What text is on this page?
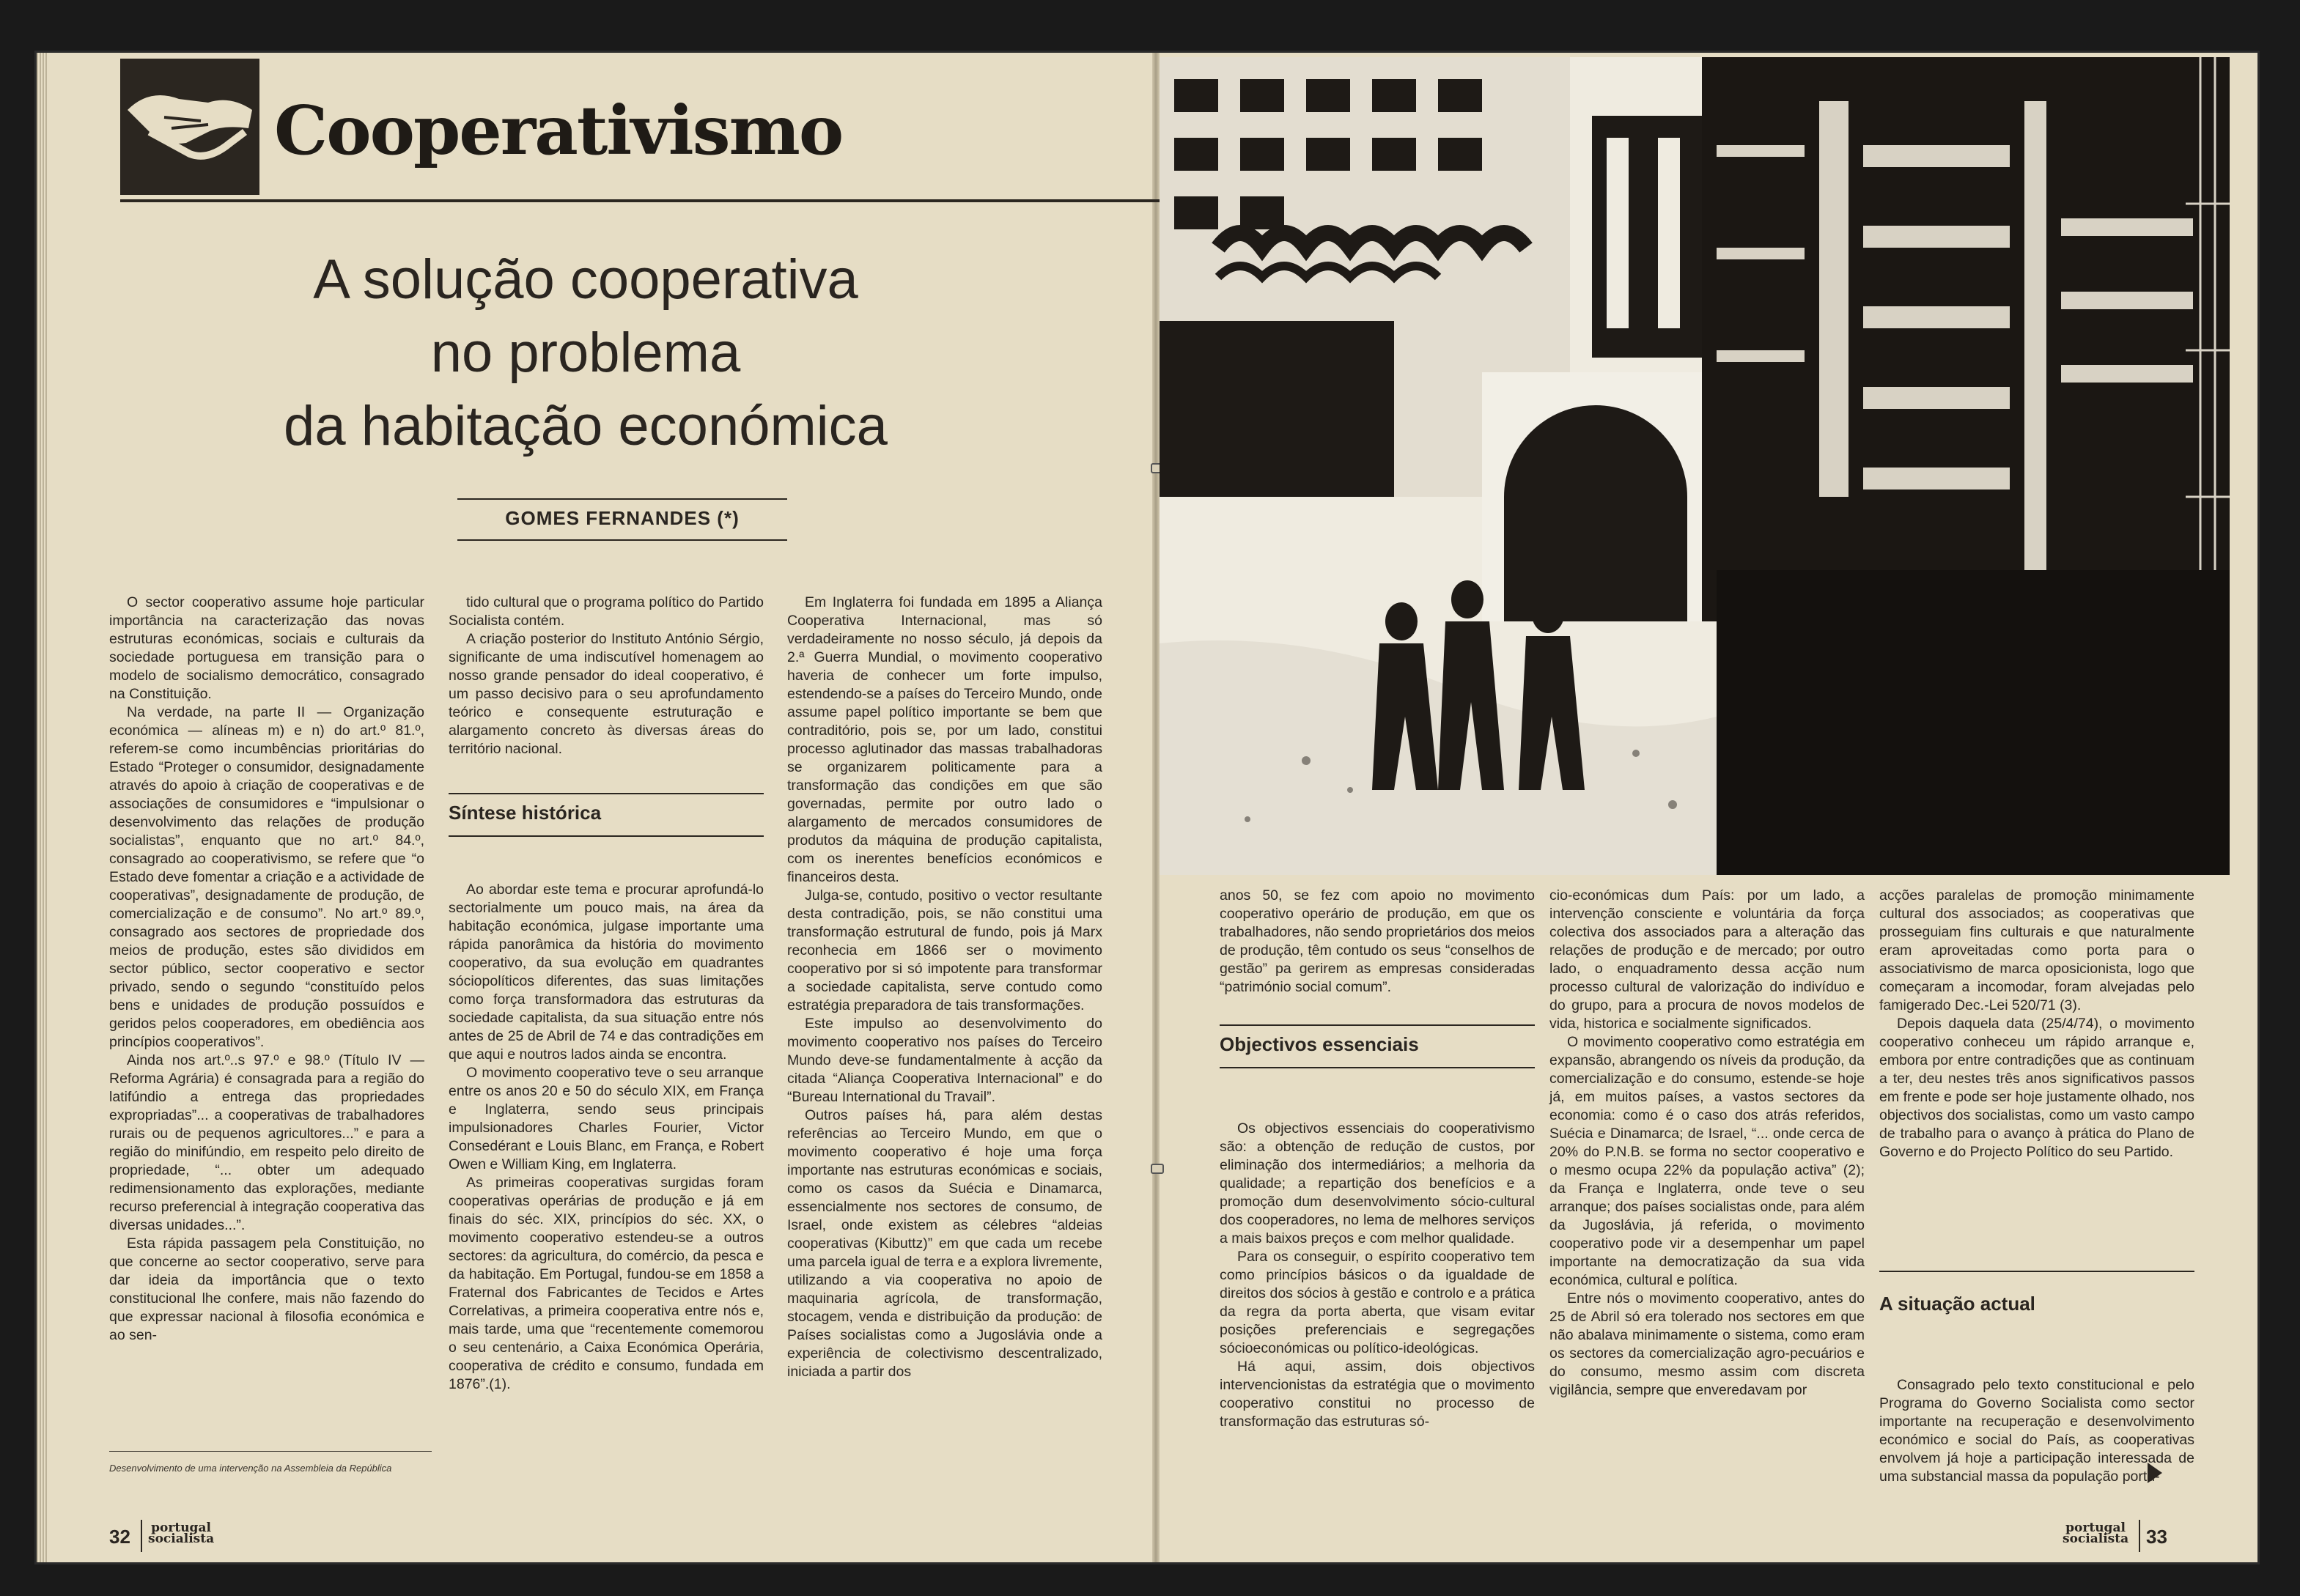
Cooperativismo
A solução cooperativa
no problema
da habitação económica
GOMES FERNANDES (*)

O sector cooperativo assume hoje particular importância na caracterização das novas estruturas económicas, sociais e culturais da sociedade portuguesa em transição para o modelo de socialismo democrático, consagrado na Constituição.

Na verdade, na parte II — Organização económica — alíneas m) e n) do art.º 81.º, referem-se como incumbências prioritárias do Estado “Proteger o consumidor, designadamente através do apoio à criação de cooperativas e de associações de consumidores e “impulsionar o desenvolvimento das relações de produção socialistas”, enquanto que no art.º 84.º, consagrado ao cooperativismo, se refere que “o Estado deve fomentar a criação e a actividade de cooperativas”, designadamente de produção, de comercialização e de consumo”. No art.º 89.º, consagrado aos sectores de propriedade dos meios de produção, estes são divididos em sector público, sector cooperativo e sector privado, sendo o segundo “constituído pelos bens e unidades de produção possuídos e geridos pelos cooperadores, em obediência aos princípios cooperativos”.

Ainda nos art.º..s 97.º e 98.º (Título IV — Reforma Agrária) é consagrada para a região do latifúndio a entrega das propriedades expropriadas”... a cooperativas de trabalhadores rurais ou de pequenos agricultores...” e para a região do minifúndio, em respeito pelo direito de propriedade, “... obter um adequado redimensionamento das explorações, mediante recurso preferencial à integração cooperativa das diversas unidades...”.

Esta rápida passagem pela Constituição, no que concerne ao sector cooperativo, serve para dar ideia da importância que o texto constitucional lhe confere, mais não fazendo do que expressar nacional à filosofia económica e ao sen-

tido cultural que o programa político do Partido Socialista contém.

A criação posterior do Instituto António Sérgio, significante de uma indiscutível homenagem ao nosso grande pensador do ideal cooperativo, é um passo decisivo para o seu aprofundamento teórico e consequente estruturação e alargamento concreto às diversas áreas do território nacional.

Síntese histórica

Ao abordar este tema e procurar aprofundá-lo sectorialmente um pouco mais, na área da habitação económica, julgase importante uma rápida panorâmica da história do movimento cooperativo, da sua evolução em quadrantes sóciopolíticos diferentes, das suas limitações como força transformadora das estruturas da sociedade capitalista, da sua situação entre nós antes de 25 de Abril de 74 e das contradições em que aqui e noutros lados ainda se encontra.

O movimento cooperativo teve o seu arranque entre os anos 20 e 50 do século XIX, em França e Inglaterra, sendo seus principais impulsionadores Charles Fourier, Victor Consedérant e Louis Blanc, em França, e Robert Owen e William King, em Inglaterra.

As primeiras cooperativas surgidas foram cooperativas operárias de produção e já em finais do séc. XIX, princípios do séc. XX, o movimento cooperativo estendeu-se a outros sectores: da agricultura, do comércio, da pesca e da habitação. Em Portugal, fundou-se em 1858 a Fraternal dos Fabricantes de Tecidos e Artes Correlativas, a primeira cooperativa entre nós e, mais tarde, uma que “recentemente comemorou o seu centenário, a Caixa Económica Operária, cooperativa de crédito e consumo, fundada em 1876”.(1).

Em Inglaterra foi fundada em 1895 a Aliança Cooperativa Internacional, mas só verdadeiramente no nosso século, já depois da 2.ª Guerra Mundial, o movimento cooperativo haveria de conhecer um forte impulso, estendendo-se a países do Terceiro Mundo, onde assume papel político importante se bem que contraditório, pois se, por um lado, constitui processo aglutinador das massas trabalhadoras se organizarem politicamente para a transformação das condições em que são governadas, permite por outro lado o alargamento de mercados consumidores de produtos da máquina de produção capitalista, com os inerentes benefícios económicos e financeiros desta.

Julga-se, contudo, positivo o vector resultante desta contradição, pois, se não constitui uma transformação estrutural de fundo, pois já Marx reconhecia em 1866 ser o movimento cooperativo por si só impotente para transformar a sociedade capitalista, serve contudo como estratégia preparadora de tais transformações.

Este impulso ao desenvolvimento do movimento cooperativo nos países do Terceiro Mundo deve-se fundamentalmente à acção da citada “Aliança Cooperativa Internacional” e do “Bureau International du Travail”.

Outros países há, para além destas referências ao Terceiro Mundo, em que o movimento cooperativo é hoje uma força importante nas estruturas económicas e sociais, como os casos da Suécia e Dinamarca, essencialmente nos sectores de consumo, de Israel, onde existem as célebres “aldeias cooperativas (Kibuttz)” em que cada um recebe uma parcela igual de terra e a explora livremente, utilizando a via cooperativa no apoio de maquinaria agrícola, de transformação, stocagem, venda e distribuição da produção: de Países socialistas como a Jugoslávia onde a experiência de colectivismo descentralizado, iniciada a partir dos

Desenvolvimento de uma intervenção na Assembleia da República
32 portugal
socialista

anos 50, se fez com apoio no movimento cooperativo operário de produção, em que os trabalhadores, não sendo proprietários dos meios de produção, têm contudo os seus “conselhos de gestão” pa gerirem as empresas consideradas “património social comum”.

Objectivos essenciais

Os objectivos essenciais do cooperativismo são: a obtenção de redução de custos, por eliminação dos intermediários; a melhoria da qualidade; a repartição dos benefícios e a promoção dum desenvolvimento sócio-cultural dos cooperadores, no lema de melhores serviços a mais baixos preços e com melhor qualidade.

Para os conseguir, o espírito cooperativo tem como princípios básicos o da igualdade de direitos dos sócios à gestão e controlo e a prática da regra da porta aberta, que visam evitar posições preferenciais e segregações sócioeconómicas ou político-ideológicas.

Há aqui, assim, dois objectivos intervencionistas da estratégia que o movimento cooperativo constitui no processo de transformação das estruturas só-

cio-económicas dum País: por um lado, a intervenção consciente e voluntária da força colectiva dos associados para a alteração das relações de produção e de mercado; por outro lado, o enquadramento dessa acção num processo cultural de valorização do indivíduo e do grupo, para a procura de novos modelos de vida, historica e socialmente significados.

O movimento cooperativo como estratégia em expansão, abrangendo os níveis da produção, da comercialização e do consumo, estende-se hoje já, em muitos países, a vastos sectores da economia: como é o caso dos atrás referidos, Suécia e Dinamarca; de Israel, “... onde cerca de 20% do P.N.B. se forma no sector cooperativo e o mesmo ocupa 22% da população activa” (2); da França e Inglaterra, onde teve o seu arranque; dos países socialistas onde, para além da Jugoslávia, já referida, o movimento cooperativo pode vir a desempenhar um papel importante na democratização da sua vida económica, cultural e política.

Entre nós o movimento cooperativo, antes do 25 de Abril só era tolerado nos sectores em que não abalava minimamente o sistema, como eram os sectores da comercialização agro-pecuários e do consumo, mesmo assim com discreta vigilância, sempre que enveredavam por

acções paralelas de promoção minimamente cultural dos associados; as cooperativas que prosseguiam fins culturais e que naturalmente eram aproveitadas como porta para o associativismo de marca oposicionista, logo que começaram a incomodar, foram alvejadas pelo famigerado Dec.-Lei 520/71 (3).

Depois daquela data (25/4/74), o movimento cooperativo conheceu um rápido arranque e, embora por entre contradições que as continuam a ter, deu nestes três anos significativos passos em frente e pode ser hoje justamente olhado, nos objectivos dos socialistas, como um vasto campo de trabalho para o avanço à prática do Plano de Governo e do Projecto Político do seu Partido.

A situação actual

Consagrado pelo texto constitucional e pelo Programa do Governo Socialista como sector importante na recuperação e desenvolvimento económico e social do País, as cooperativas envolvem já hoje a participação interessada de uma substancial massa da população portu-

portugal
socialista 33
